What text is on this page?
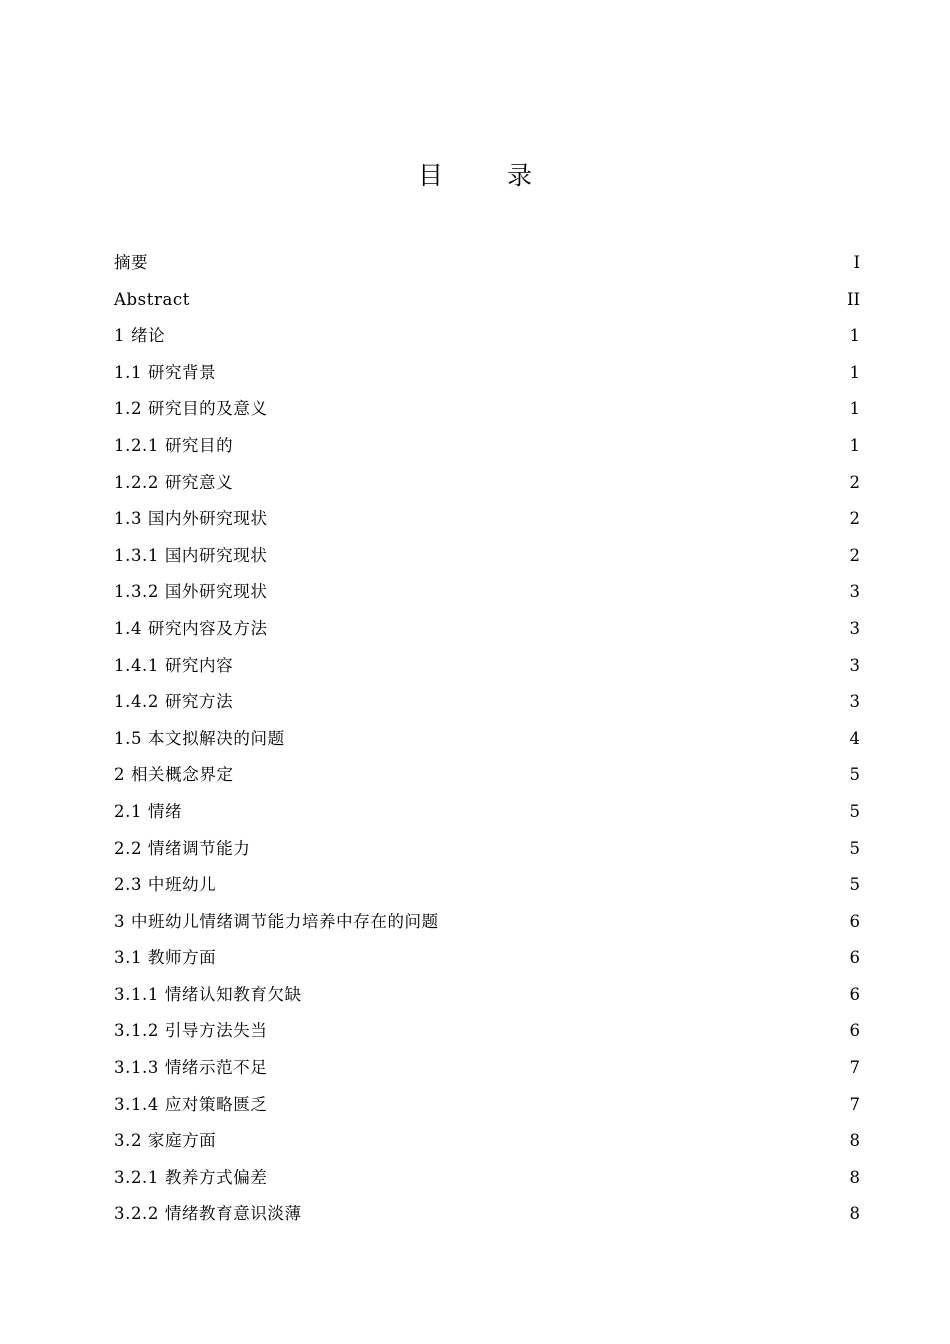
目 录
摘要	I
Abstract	II
1 绪论	1
1.1 研究背景	1
1.2 研究目的及意义	1
1.2.1 研究目的	1
1.2.2 研究意义	2
1.3 国内外研究现状	2
1.3.1 国内研究现状	2
1.3.2 国外研究现状	3
1.4 研究内容及方法	3
1.4.1 研究内容	3
1.4.2 研究方法	3
1.5 本文拟解决的问题	4
2 相关概念界定	5
2.1 情绪	5
2.2 情绪调节能力	5
2.3 中班幼儿	5
3 中班幼儿情绪调节能力培养中存在的问题	6
3.1 教师方面	6
3.1.1 情绪认知教育欠缺	6
3.1.2 引导方法失当	6
3.1.3 情绪示范不足	7
3.1.4 应对策略匮乏	7
3.2 家庭方面	8
3.2.1 教养方式偏差	8
3.2.2 情绪教育意识淡薄	8
